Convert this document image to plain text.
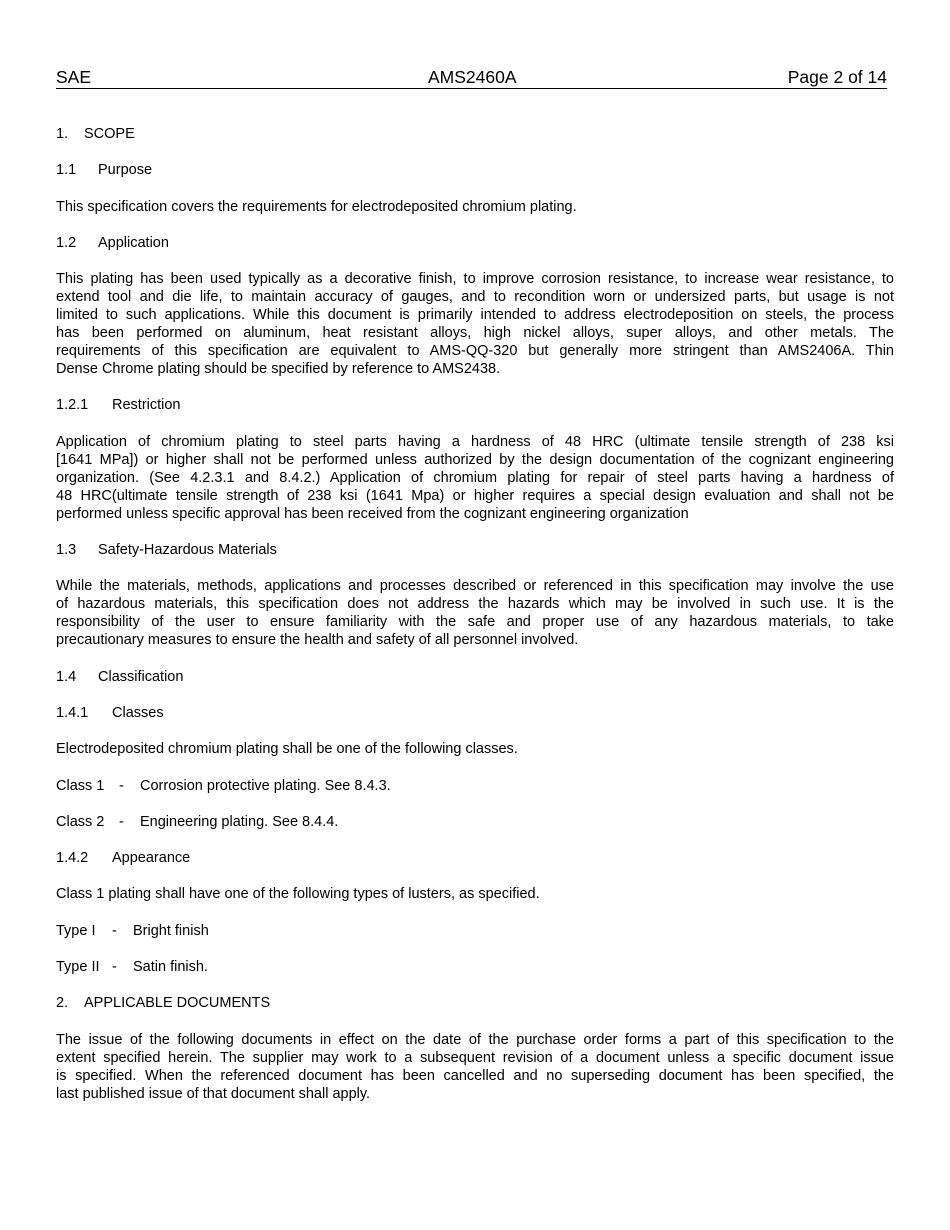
SAE	AMS2460A	Page 2 of 14

1. SCOPE

1.1 Purpose

This specification covers the requirements for electrodeposited chromium plating.

1.2 Application

This plating has been used typically as a decorative finish, to improve corrosion resistance, to increase wear resistance, to

extend tool and die life, to maintain accuracy of gauges, and to recondition worn or undersized parts, but usage is not

limited to such applications. While this document is primarily intended to address electrodeposition on steels, the process

has been performed on aluminum, heat resistant alloys, high nickel alloys, super alloys, and other metals. The

requirements of this specification are equivalent to AMS-QQ-320 but generally more stringent than AMS2406A. Thin

Dense Chrome plating should be specified by reference to AMS2438.

1.2.1 Restriction

Application of chromium plating to steel parts having a hardness of 48 HRC (ultimate tensile strength of 238 ksi

[1641 MPa]) or higher shall not be performed unless authorized by the design documentation of the cognizant engineering

organization. (See 4.2.3.1 and 8.4.2.) Application of chromium plating for repair of steel parts having a hardness of

48 HRC(ultimate tensile strength of 238 ksi (1641 Mpa) or higher requires a special design evaluation and shall not be

performed unless specific approval has been received from the cognizant engineering organization

1.3 Safety-Hazardous Materials

While the materials, methods, applications and processes described or referenced in this specification may involve the use

of hazardous materials, this specification does not address the hazards which may be involved in such use. It is the

responsibility of the user to ensure familiarity with the safe and proper use of any hazardous materials, to take

precautionary measures to ensure the health and safety of all personnel involved.

1.4 Classification

1.4.1 Classes

Electrodeposited chromium plating shall be one of the following classes.

Class 1 - Corrosion protective plating. See 8.4.3.

Class 2 - Engineering plating. See 8.4.4.

1.4.2 Appearance

Class 1 plating shall have one of the following types of lusters, as specified.

Type I - Bright finish

Type II - Satin finish.

2. APPLICABLE DOCUMENTS

The issue of the following documents in effect on the date of the purchase order forms a part of this specification to the

extent specified herein. The supplier may work to a subsequent revision of a document unless a specific document issue

is specified. When the referenced document has been cancelled and no superseding document has been specified, the

last published issue of that document shall apply.
